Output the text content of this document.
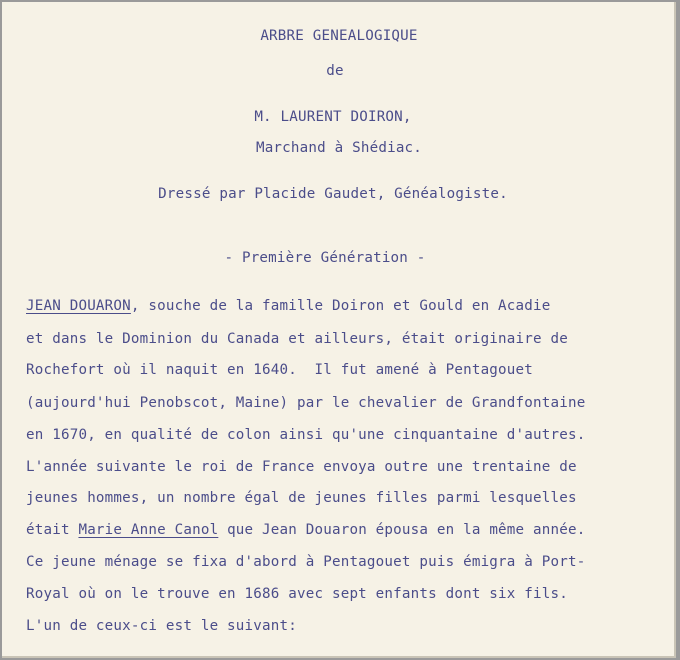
ARBRE GENEALOGIQUE
de
M. LAURENT DOIRON,
Marchand à Shédiac.
Dressé par Placide Gaudet, Généalogiste.
- Première Génération -
JEAN DOUARON, souche de la famille Doiron et Gould en Acadie
et dans le Dominion du Canada et ailleurs, était originaire de
Rochefort où il naquit en 1640.  Il fut amené à Pentagouet
(aujourd'hui Penobscot, Maine) par le chevalier de Grandfontaine
en 1670, en qualité de colon ainsi qu'une cinquantaine d'autres.
L'année suivante le roi de France envoya outre une trentaine de
jeunes hommes, un nombre égal de jeunes filles parmi lesquelles
était Marie Anne Canol que Jean Douaron épousa en la même année.
Ce jeune ménage se fixa d'abord à Pentagouet puis émigra à Port-
Royal où on le trouve en 1686 avec sept enfants dont six fils.
L'un de ceux-ci est le suivant:
